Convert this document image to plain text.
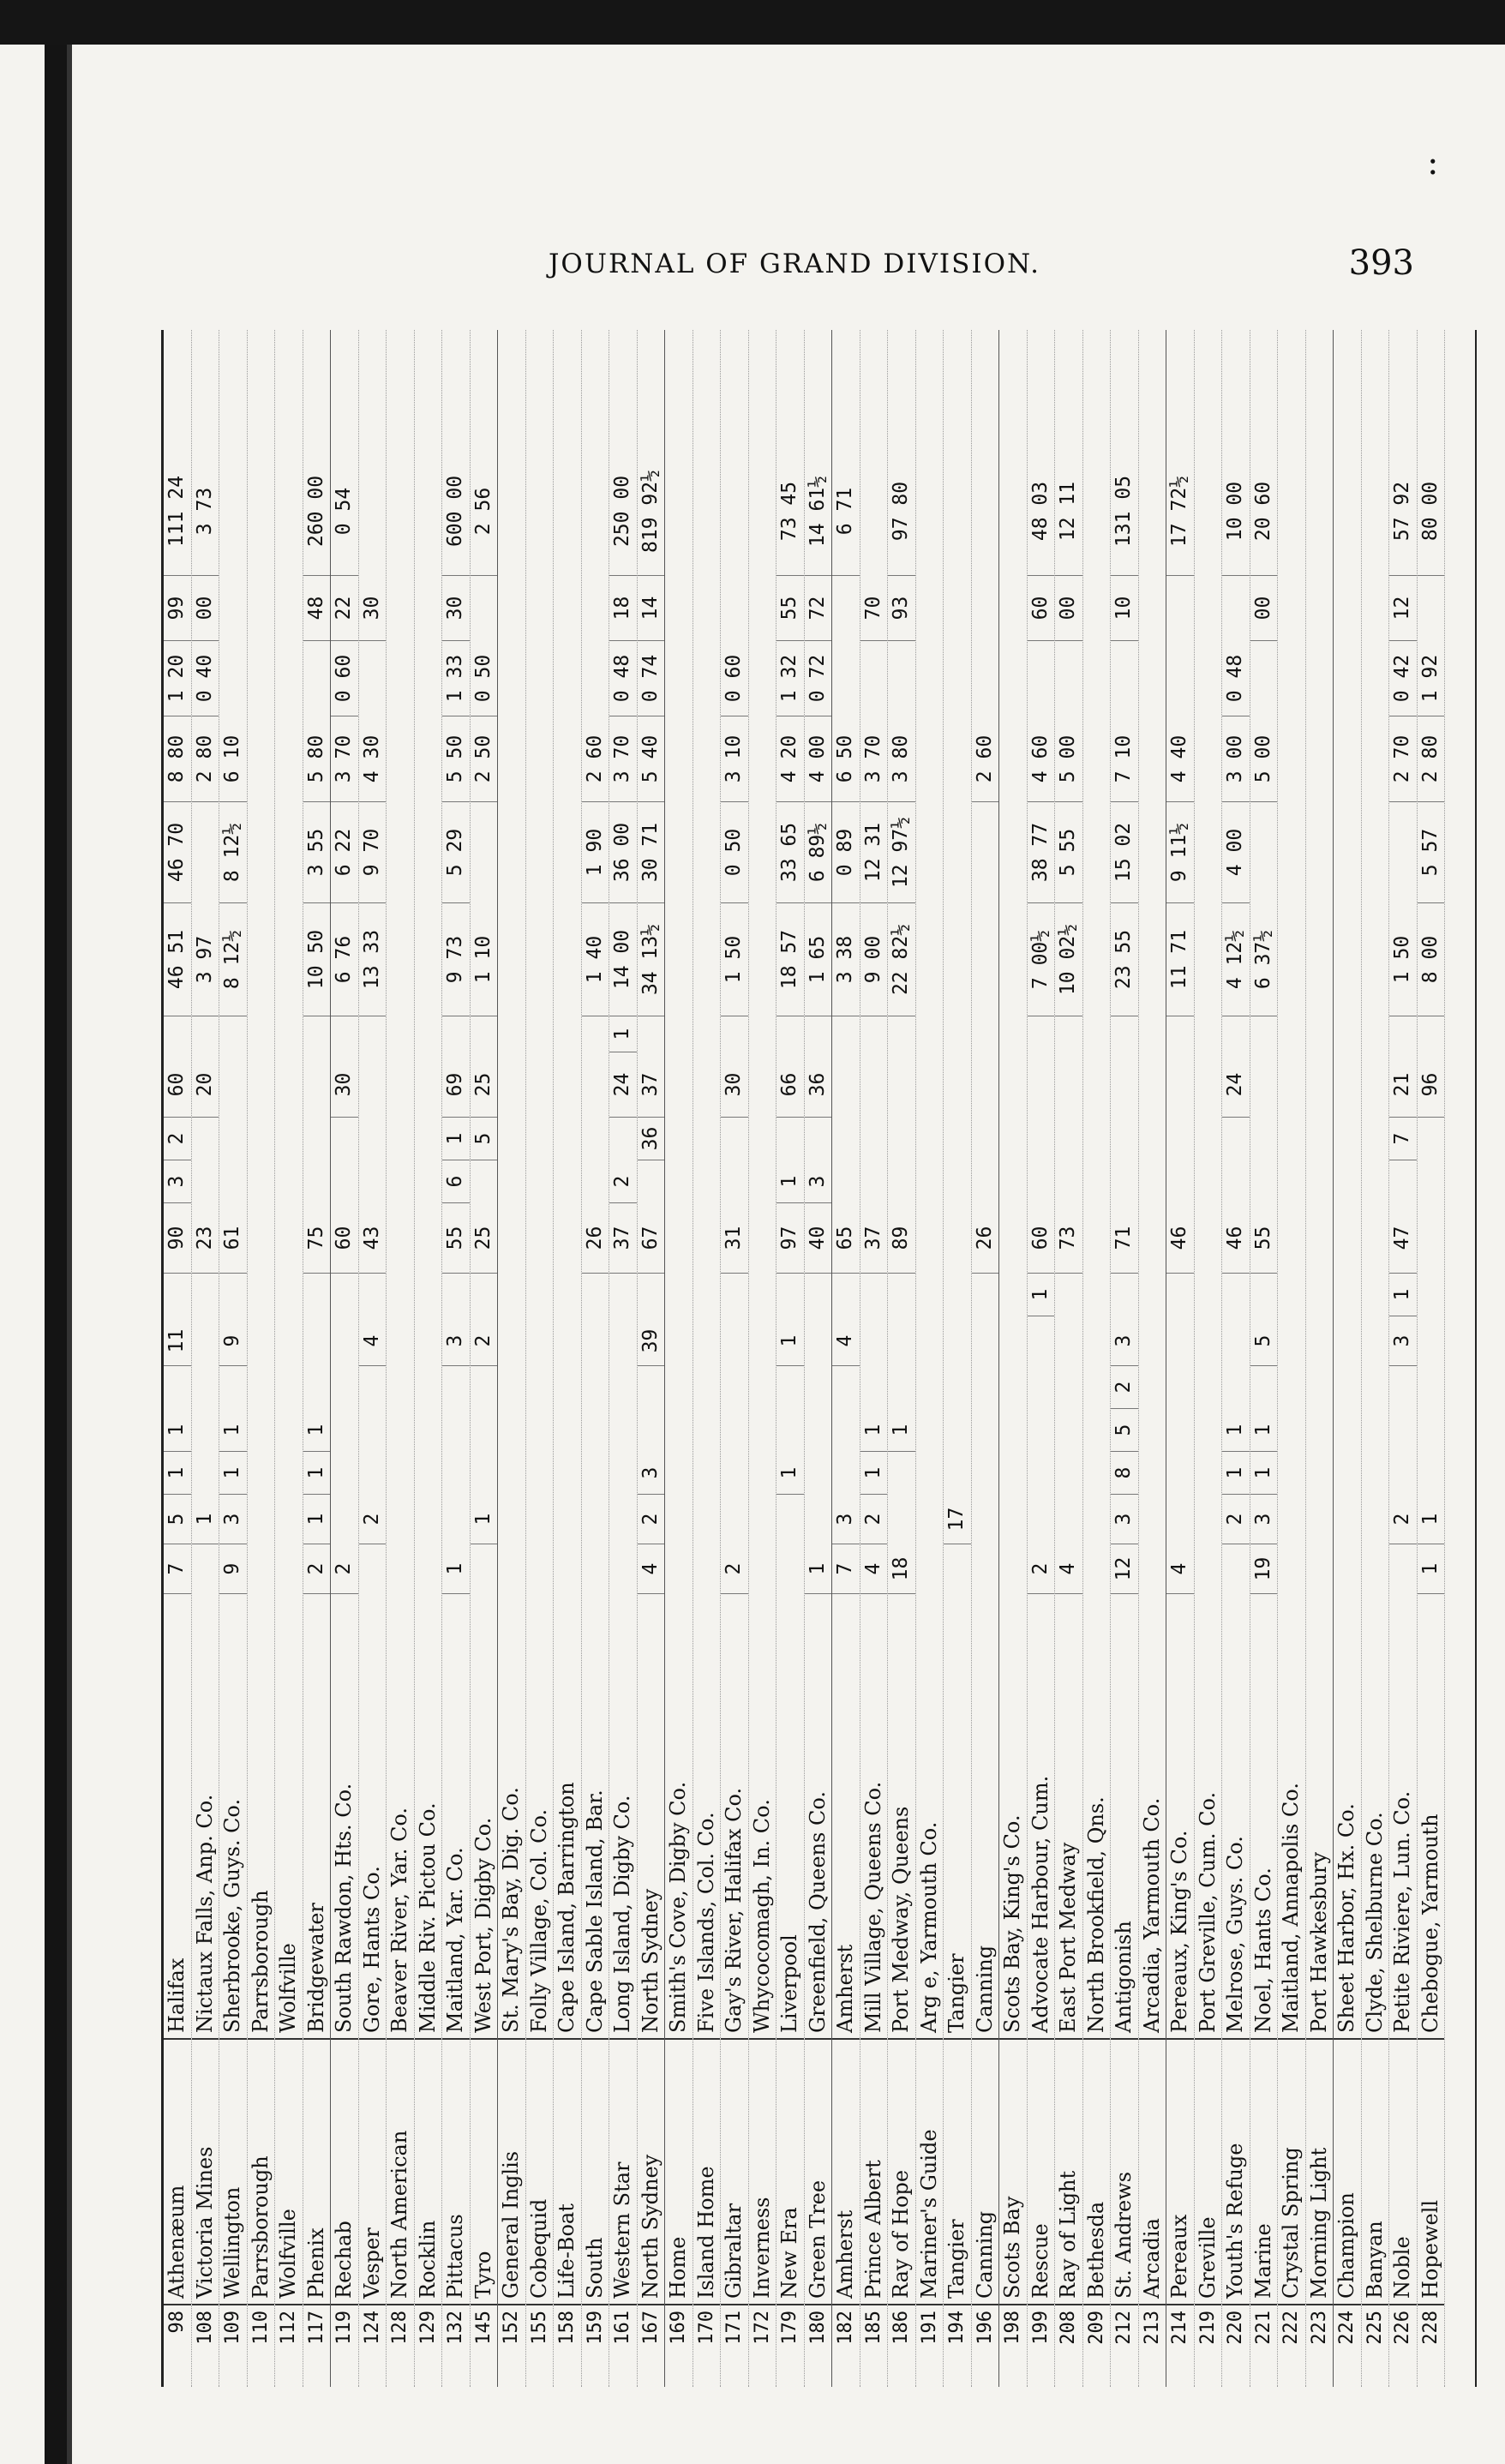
:
JOURNAL OF GRAND DIVISION.	393
98
Athenæum
Halifax
7
5
1
1
11
90
3
2
60
46 51
46 70
8 80
1 20
99
111 24
108
Victoria Mines
Nictaux Falls, Anp. Co.
1
23
20
3 97
2 80
0 40
00
3 73
109
Wellington
Sherbrooke, Guys. Co.
9
3
1
1
9
61
8 12½
8 12½
6 10
110
Parrsborough
Parrsborough
112
Wolfville
Wolfville
117
Phenix
Bridgewater
2
1
1
1
75
10 50
3 55
5 80
48
260 00
119
Rechab
South Rawdon, Hts. Co.
2
60
30
6 76
6 22
3 70
0 60
22
0 54
124
Vesper
Gore, Hants Co.
2
4
43
13 33
9 70
4 30
30
128
North American
Beaver River, Yar. Co.
129
Rocklin
Middle Riv. Pictou Co.
132
Pittacus
Maitland, Yar. Co.
1
3
55
6
1
69
9 73
5 29
5 50
1 33
30
600 00
145
Tyro
West Port, Digby Co.
1
2
25
5
25
1 10
2 50
0 50
2 56
152
General Inglis
St. Mary's Bay, Dig. Co.
155
Cobequid
Folly Village, Col. Co.
158
Life-Boat
Cape Island, Barrington
159
South
Cape Sable Island, Bar.
26
1 40
1 90
2 60
161
Western Star
Long Island, Digby Co.
37
2
24
1
14 00
36 00
3 70
0 48
18
250 00
167
North Sydney
North Sydney
4
2
3
39
67
36
37
34 13½
30 71
5 40
0 74
14
819 92½
169
Home
Smith's Cove, Digby Co.
170
Island Home
Five Islands, Col. Co.
171
Gibraltar
Gay's River, Halifax Co.
2
31
30
1 50
0 50
3 10
0 60
172
Inverness
Whycocomagh, In. Co.
179
New Era
Liverpool
1
1
97
1
66
18 57
33 65
4 20
1 32
55
73 45
180
Green Tree
Greenfield, Queens Co.
1
40
3
36
1 65
6 89½
4 00
0 72
72
14 61½
182
Amherst
Amherst
7
3
4
65
3 38
0 89
6 50
6 71
185
Prince Albert
Mill Village, Queens Co.
4
2
1
1
37
9 00
12 31
3 70
70
186
Ray of Hope
Port Medway, Queens
18
1
89
22 82½
12 97½
3 80
93
97 80
191
Mariner's Guide
Arg e, Yarmouth Co.
194
Tangier
Tangier
17
196
Canning
Canning
26
2 60
198
Scots Bay
Scots Bay, King's Co.
199
Rescue
Advocate Harbour, Cum.
2
1
60
7 00½
38 77
4 60
60
48 03
208
Ray of Light
East Port Medway
4
73
10 02½
5 55
5 00
00
12 11
209
Bethesda
North Brookfield, Qns.
212
St. Andrews
Antigonish
12
3
8
5
2
3
71
23 55
15 02
7 10
10
131 05
213
Arcadia
Arcadia, Yarmouth Co.
214
Pereaux
Pereaux, King's Co.
4
46
11 71
9 11½
4 40
17 72½
219
Greville
Port Greville, Cum. Co.
220
Youth's Refuge
Melrose, Guys. Co.
2
1
1
46
24
4 12½
4 00
3 00
0 48
10 00
221
Marine
Noel, Hants Co.
19
3
1
1
5
55
6 37½
5 00
00
20 60
222
Crystal Spring
Maitland, Annapolis Co.
223
Morning Light
Port Hawkesbury
224
Champion
Sheet Harbor, Hx. Co.
225
Banyan
Clyde, Shelburne Co.
226
Noble
Petite Riviere, Lun. Co.
2
3
1
47
7
21
1 50
2 70
0 42
12
57 92
228
Hopewell
Chebogue, Yarmouth
1
1
96
8 00
5 57
2 80
1 92
80 00
